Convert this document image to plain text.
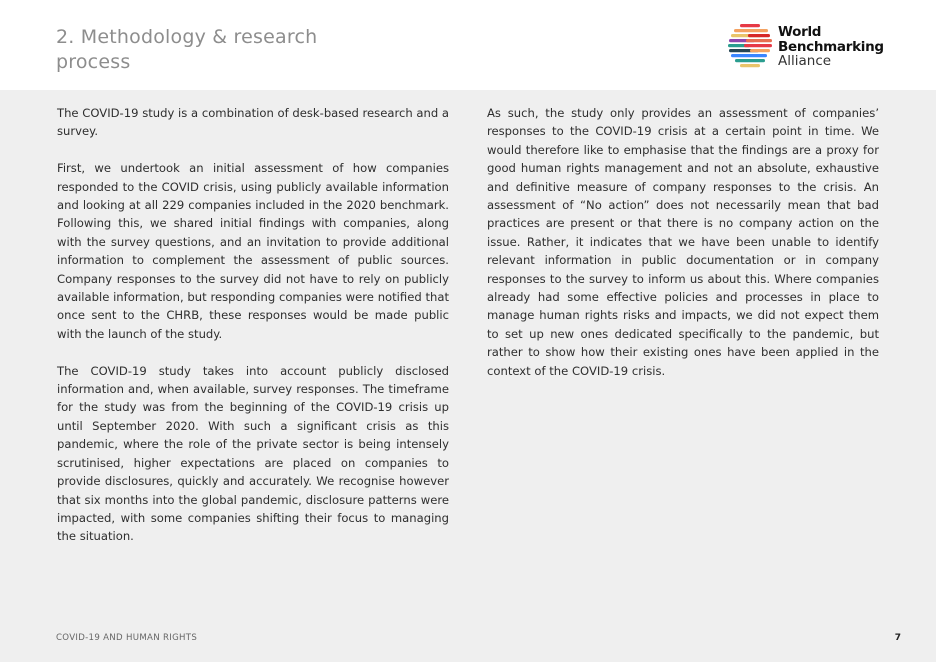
2. Methodology & research process
World
Benchmarking
Alliance

The COVID-19 study is a combination of desk-based research and a survey.

First, we undertook an initial assessment of how companies responded to the COVID crisis, using publicly available information and looking at all 229 companies included in the 2020 benchmark. Following this, we shared initial findings with companies, along with the survey questions, and an invitation to provide additional information to complement the assessment of public sources. Company responses to the survey did not have to rely on publicly available information, but responding companies were notified that once sent to the CHRB, these responses would be made public with the launch of the study.

The COVID-19 study takes into account publicly disclosed information and, when available, survey responses. The timeframe for the study was from the beginning of the COVID-19 crisis up until September 2020. With such a significant crisis as this pandemic, where the role of the private sector is being intensely scrutinised, higher expectations are placed on companies to provide disclosures, quickly and accurately. We recognise however that six months into the global pandemic, disclosure patterns were impacted, with some companies shifting their focus to managing the situation.

As such, the study only provides an assessment of companies’ responses to the COVID-19 crisis at a certain point in time. We would therefore like to emphasise that the findings are a proxy for good human rights management and not an absolute, exhaustive and definitive measure of company responses to the crisis. An assessment of “No action” does not necessarily mean that bad practices are present or that there is no company action on the issue. Rather, it indicates that we have been unable to identify relevant information in public documentation or in company responses to the survey to inform us about this. Where companies already had some effective policies and processes in place to manage human rights risks and impacts, we did not expect them to set up new ones dedicated specifically to the pandemic, but rather to show how their existing ones have been applied in the context of the COVID-19 crisis.

COVID-19 AND HUMAN RIGHTS	7
